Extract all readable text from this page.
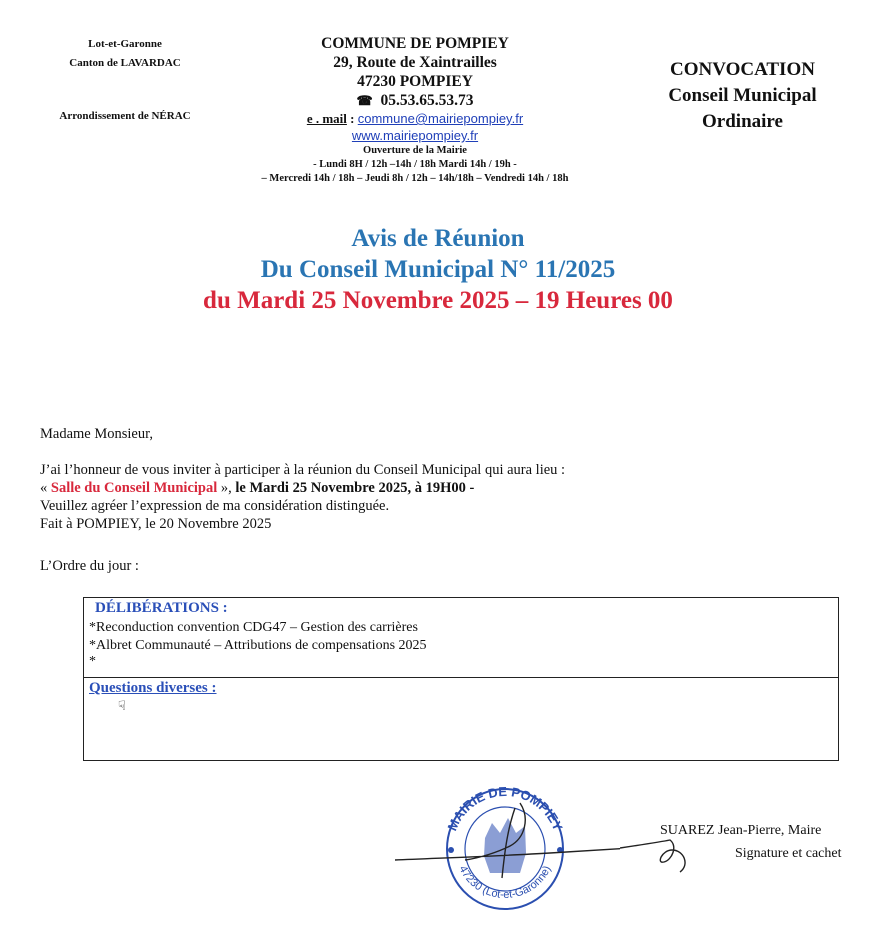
Lot-et-Garonne
Canton de LAVARDAC
Arrondissement de NÉRAC
COMMUNE DE POMPIEY
29, Route de Xaintrailles
47230 POMPIEY
☎ 05.53.65.53.73
e . mail : commune@mairiepompiey.fr
www.mairiepompiey.fr
Ouverture de la Mairie
- Lundi 8H / 12h –14h / 18h Mardi 14h / 19h -
– Mercredi 14h / 18h – Jeudi 8h / 12h – 14h/18h – Vendredi 14h / 18h
CONVOCATION
Conseil Municipal
Ordinaire
Avis de Réunion
Du Conseil Municipal N° 11/2025
du Mardi 25 Novembre 2025 – 19 Heures 00
Madame Monsieur,
J’ai l’honneur de vous inviter à participer à la réunion du Conseil Municipal qui aura lieu :
« Salle du Conseil Municipal », le Mardi 25 Novembre 2025, à 19H00 -
Veuillez agréer l’expression de ma considération distinguée.
Fait à POMPIEY, le 20 Novembre 2025
L’Ordre du jour :
DÉLIBÉRATIONS :
*Reconduction convention CDG47 – Gestion des carrières
*Albret Communauté – Attributions de compensations 2025
*
Questions diverses :
☟
MAIRIE DE POMPIEY
47230 (Lot-et-Garonne)
SUAREZ Jean-Pierre, Maire
Signature et cachet
